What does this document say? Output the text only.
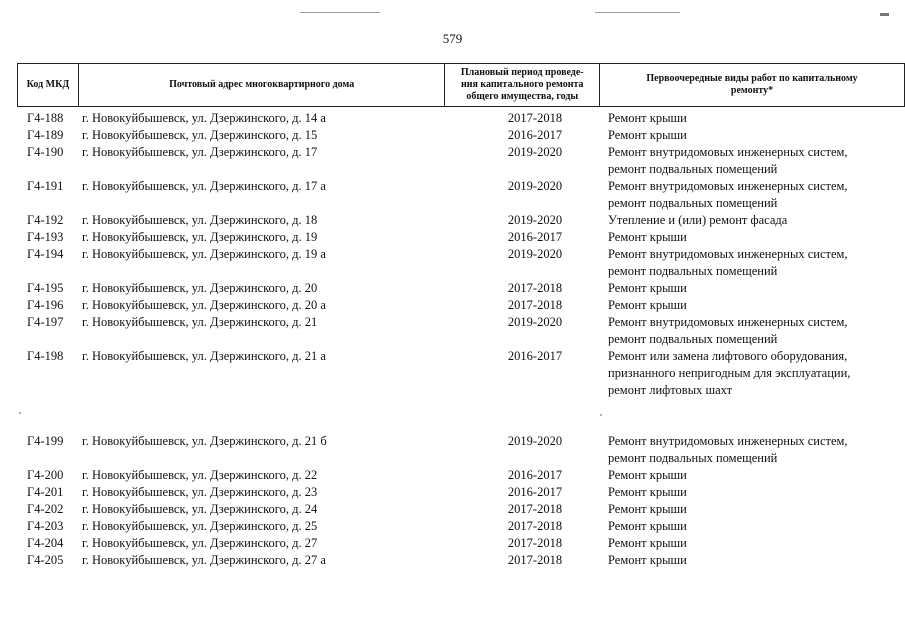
579
Код МКД	Почтовый адрес многоквартирного дома	
Плановый период проведе-
ния капитального ремонта
общего имущества, годы

Первоочередные виды работ по капитальному
ремонту*
Г4-188 г. Новокуйбышевск, ул. Дзержинского, д. 14 а	2017-2018	Ремонт крыши
Г4-189 г. Новокуйбышевск, ул. Дзержинского, д. 15	2016-2017	Ремонт крыши
Г4-190 г. Новокуйбышевск, ул. Дзержинского, д. 17	2019-2020	Ремонт внутридомовых инженерных систем,
ремонт подвальных помещений
Г4-191 г. Новокуйбышевск, ул. Дзержинского, д. 17 а	2019-2020	Ремонт внутридомовых инженерных систем,
ремонт подвальных помещений
Г4-192 г. Новокуйбышевск, ул. Дзержинского, д. 18	2019-2020	Утепление и (или) ремонт фасада
Г4-193 г. Новокуйбышевск, ул. Дзержинского, д. 19	2016-2017	Ремонт крыши
Г4-194 г. Новокуйбышевск, ул. Дзержинского, д. 19 а	2019-2020	Ремонт внутридомовых инженерных систем,
ремонт подвальных помещений
Г4-195 г. Новокуйбышевск, ул. Дзержинского, д. 20	2017-2018	Ремонт крыши
Г4-196 г. Новокуйбышевск, ул. Дзержинского, д. 20 а	2017-2018	Ремонт крыши
Г4-197 г. Новокуйбышевск, ул. Дзержинского, д. 21	2019-2020	Ремонт внутридомовых инженерных систем,
ремонт подвальных помещений
Г4-198 г. Новокуйбышевск, ул. Дзержинского, д. 21 а	2016-2017	Ремонт или замена лифтового оборудования,
признанного непригодным для эксплуатации,
ремонт лифтовых шахт
Г4-199 г. Новокуйбышевск, ул. Дзержинского, д. 21 б	2019-2020	Ремонт внутридомовых инженерных систем,
ремонт подвальных помещений
Г4-200 г. Новокуйбышевск, ул. Дзержинского, д. 22	2016-2017	Ремонт крыши
Г4-201 г. Новокуйбышевск, ул. Дзержинского, д. 23	2016-2017	Ремонт крыши
Г4-202 г. Новокуйбышевск, ул. Дзержинского, д. 24	2017-2018	Ремонт крыши
Г4-203 г. Новокуйбышевск, ул. Дзержинского, д. 25	2017-2018	Ремонт крыши
Г4-204 г. Новокуйбышевск, ул. Дзержинского, д. 27	2017-2018	Ремонт крыши
Г4-205 г. Новокуйбышевск, ул. Дзержинского, д. 27 а	2017-2018	Ремонт крыши
